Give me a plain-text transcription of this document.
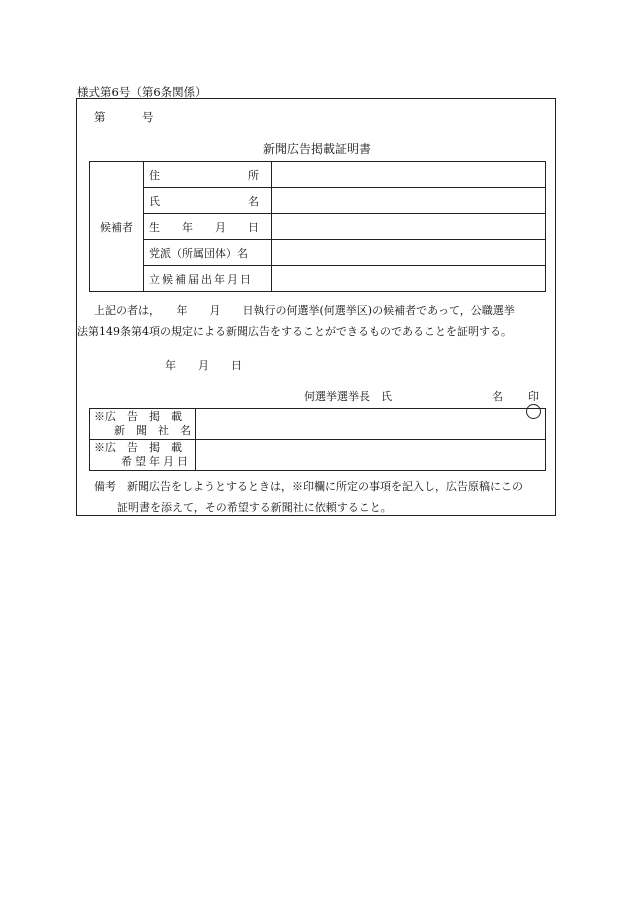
様式第6号（第6条関係）
第	号
新聞広告掲載証明書
候補者	住　　　　　　　　所	
	氏　　　　　　　　名	
	生　　年　　月　　日	
	党派（所属団体）名	
	立候補届出年月日	
上記の者は，　　年　　月　　日執行の何選挙(何選挙区)の候補者であって，公職選挙
法第149条第4項の規定による新聞広告をすることができるものであることを証明する。
年　　月　　日
何選挙選挙長　氏	名 印
※広　告　掲　載
新　聞　社　名	

※広　告　掲　載
希望年月日	

備考　新聞広告をしようとするときは，※印欄に所定の事項を記入し，広告原稿にこの
証明書を添えて，その希望する新聞社に依頼すること。
